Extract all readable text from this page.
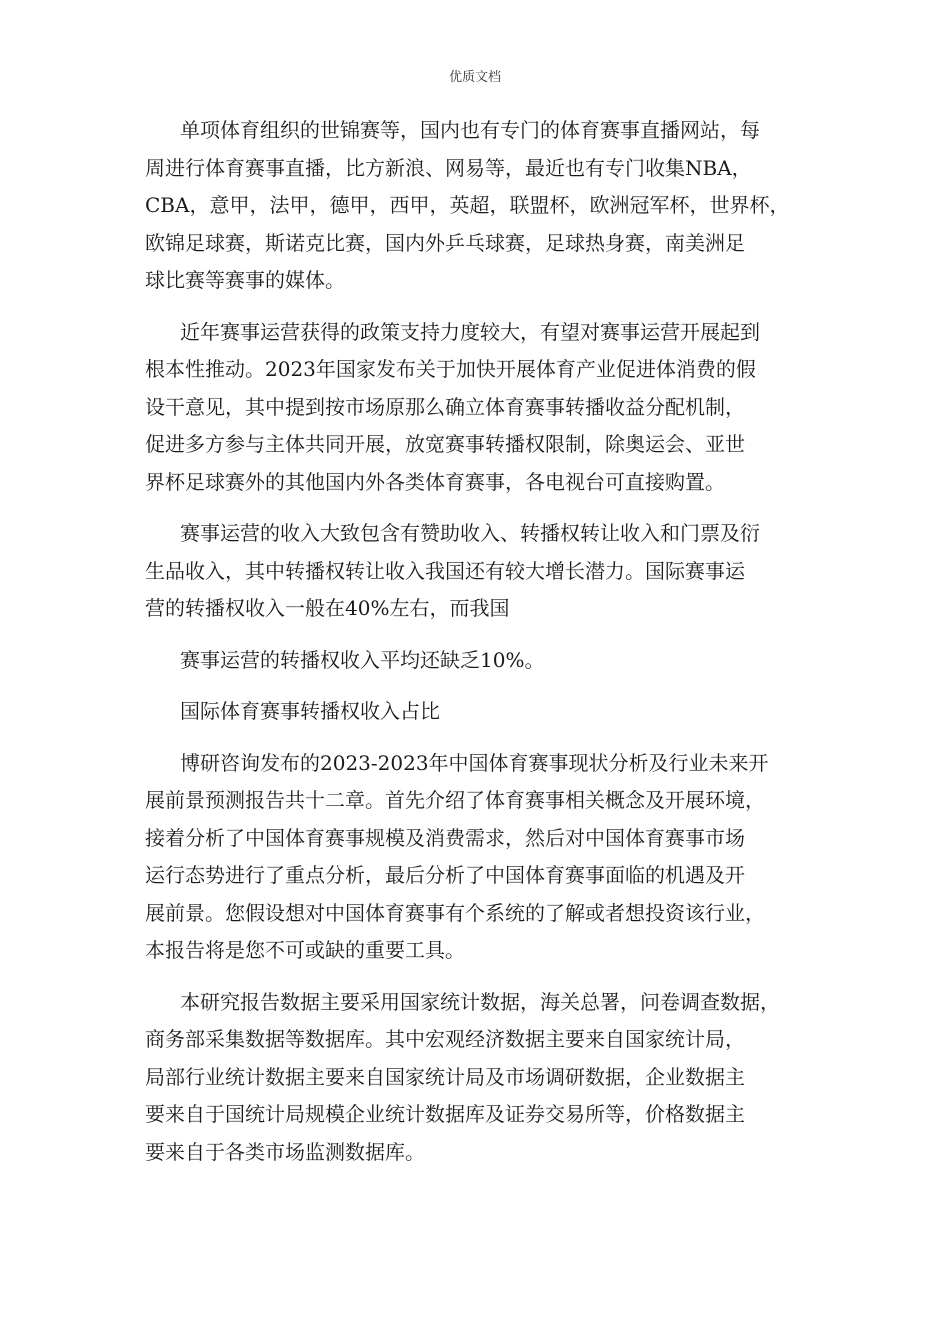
优质文档
单项体育组织的世锦赛等，国内也有专门的体育赛事直播网站，每
周进行体育赛事直播，比方新浪、网易等，最近也有专门收集NBA，
CBA，意甲，法甲，德甲，西甲，英超，联盟杯，欧洲冠军杯，世界杯，
欧锦足球赛，斯诺克比赛，国内外乒乓球赛，足球热身赛，南美洲足
球比赛等赛事的媒体。
近年赛事运营获得的政策支持力度较大，有望对赛事运营开展起到
根本性推动。2023年国家发布关于加快开展体育产业促进体消费的假
设干意见，其中提到按市场原那么确立体育赛事转播收益分配机制，
促进多方参与主体共同开展，放宽赛事转播权限制，除奥运会、亚世
界杯足球赛外的其他国内外各类体育赛事，各电视台可直接购置。
赛事运营的收入大致包含有赞助收入、转播权转让收入和门票及衍
生品收入，其中转播权转让收入我国还有较大增长潜力。国际赛事运
营的转播权收入一般在40%左右，而我国
赛事运营的转播权收入平均还缺乏10%。
国际体育赛事转播权收入占比
博研咨询发布的2023-2023年中国体育赛事现状分析及行业未来开
展前景预测报告共十二章。首先介绍了体育赛事相关概念及开展环境，
接着分析了中国体育赛事规模及消费需求，然后对中国体育赛事市场
运行态势进行了重点分析，最后分析了中国体育赛事面临的机遇及开
展前景。您假设想对中国体育赛事有个系统的了解或者想投资该行业，
本报告将是您不可或缺的重要工具。
本研究报告数据主要采用国家统计数据，海关总署，问卷调查数据，
商务部采集数据等数据库。其中宏观经济数据主要来自国家统计局，
局部行业统计数据主要来自国家统计局及市场调研数据，企业数据主
要来自于国统计局规模企业统计数据库及证券交易所等，价格数据主
要来自于各类市场监测数据库。
